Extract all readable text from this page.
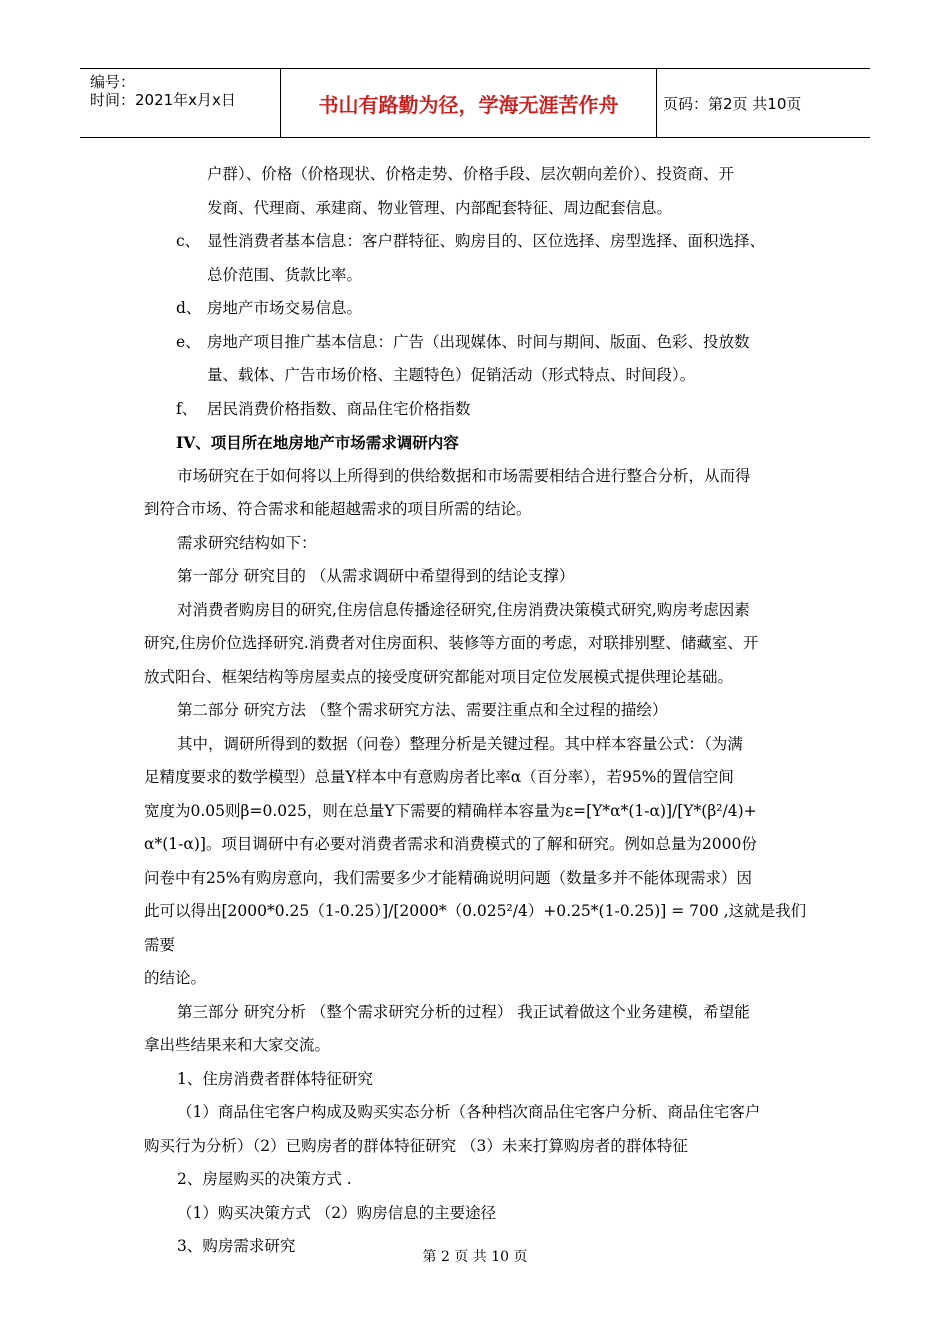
编号：
时间：2021年x月x日	书山有路勤为径，学海无涯苦作舟	页码：第2页 共10页

户群）、价格（价格现状、价格走势、价格手段、层次朝向差价）、投资商、开

发商、代理商、承建商、物业管理、内部配套特征、周边配套信息。

c、 显性消费者基本信息：客户群特征、购房目的、区位选择、房型选择、面积选择、

总价范围、货款比率。

d、 房地产市场交易信息。
e、 房地产项目推广基本信息：广告（出现媒体、时间与期间、版面、色彩、投放数

量、载体、广告市场价格、主题特色）促销活动（形式特点、时间段）。

f、 居民消费价格指数、商品住宅价格指数

IV、项目所在地房地产市场需求调研内容

市场研究在于如何将以上所得到的供给数据和市场需要相结合进行整合分析，从而得

到符合市场、符合需求和能超越需求的项目所需的结论。

需求研究结构如下：

第一部分 研究目的 （从需求调研中希望得到的结论支撑）

对消费者购房目的研究,住房信息传播途径研究,住房消费决策模式研究,购房考虑因素

研究,住房价位选择研究.消费者对住房面积、装修等方面的考虑，对联排别墅、储藏室、开

放式阳台、框架结构等房屋卖点的接受度研究都能对项目定位发展模式提供理论基础。

第二部分 研究方法 （整个需求研究方法、需要注重点和全过程的描绘）

其中，调研所得到的数据（问卷）整理分析是关键过程。其中样本容量公式：（为满

足精度要求的数学模型）总量Y样本中有意购房者比率α（百分率），若95%的置信空间

宽度为0.05则β=0.025，则在总量Y下需要的精确样本容量为ε=[Y*α*(1-α)]/[Y*(β²/4)+

α*(1-α)]。项目调研中有必要对消费者需求和消费模式的了解和研究。例如总量为2000份

问卷中有25%有购房意向，我们需要多少才能精确说明问题（数量多并不能体现需求）因

此可以得出[2000*0.25（1-0.25）]/[2000*（0.025²/4）+0.25*(1-0.25)] = 700 ,这就是我们需要

的结论。

第三部分 研究分析 （整个需求研究分析的过程） 我正试着做这个业务建模，希望能

拿出些结果来和大家交流。

1、住房消费者群体特征研究

（1）商品住宅客户构成及购买实态分析（各种档次商品住宅客户分析、商品住宅客户

购买行为分析）（2）已购房者的群体特征研究 （3）未来打算购房者的群体特征

2、房屋购买的决策方式 .

（1）购买决策方式 （2）购房信息的主要途径

3、购房需求研究

第 2 页 共 10 页
